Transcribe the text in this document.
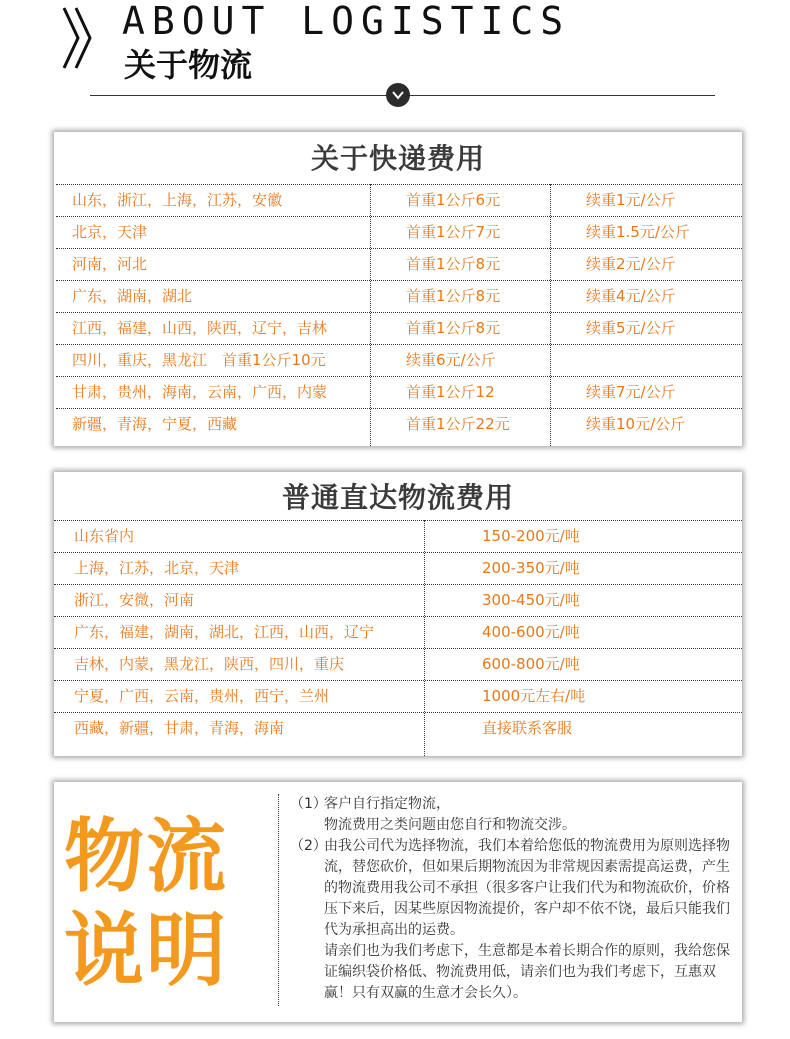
ABOUT LOGISTICS
关于物流
关于快递费用
山东，浙江，上海，江苏，安徽	首重1公斤6元	续重1元/公斤
北京，天津	首重1公斤7元	续重1.5元/公斤
河南，河北	首重1公斤8元	续重2元/公斤
广东，湖南，湖北	首重1公斤8元	续重4元/公斤
江西，福建，山西，陕西，辽宁，吉林	首重1公斤8元	续重5元/公斤
四川，重庆，黑龙江　首重1公斤10元	续重6元/公斤
甘肃，贵州，海南，云南，广西，内蒙	首重1公斤12	续重7元/公斤
新疆，青海，宁夏，西藏	首重1公斤22元	续重10元/公斤
普通直达物流费用
山东省内	150-200元/吨
上海，江苏，北京，天津	200-350元/吨
浙江，安微，河南	300-450元/吨
广东，福建，湖南，湖北，江西，山西，辽宁	400-600元/吨
吉林，内蒙，黑龙江，陕西，四川，重庆	600-800元/吨
宁夏，广西，云南，贵州，西宁，兰州	1000元左右/吨
西藏，新疆，甘肃，青海，海南	直接联系客服
物流
说明
（1）
客户自行指定物流，
物流费用之类问题由您自行和物流交涉。
（2）
由我公司代为选择物流，我们本着给您低的物流费用为原则选择物流，替您砍价，但如果后期物流因为非常规因素需提高运费，产生的物流费用我公司不承担（很多客户让我们代为和物流砍价，价格压下来后，因某些原因物流提价，客户却不依不饶，最后只能我们代为承担高出的运费。
请亲们也为我们考虑下，生意都是本着长期合作的原则，我给您保证编织袋价格低、物流费用低，请亲们也为我们考虑下，互惠双赢！只有双赢的生意才会长久）。
